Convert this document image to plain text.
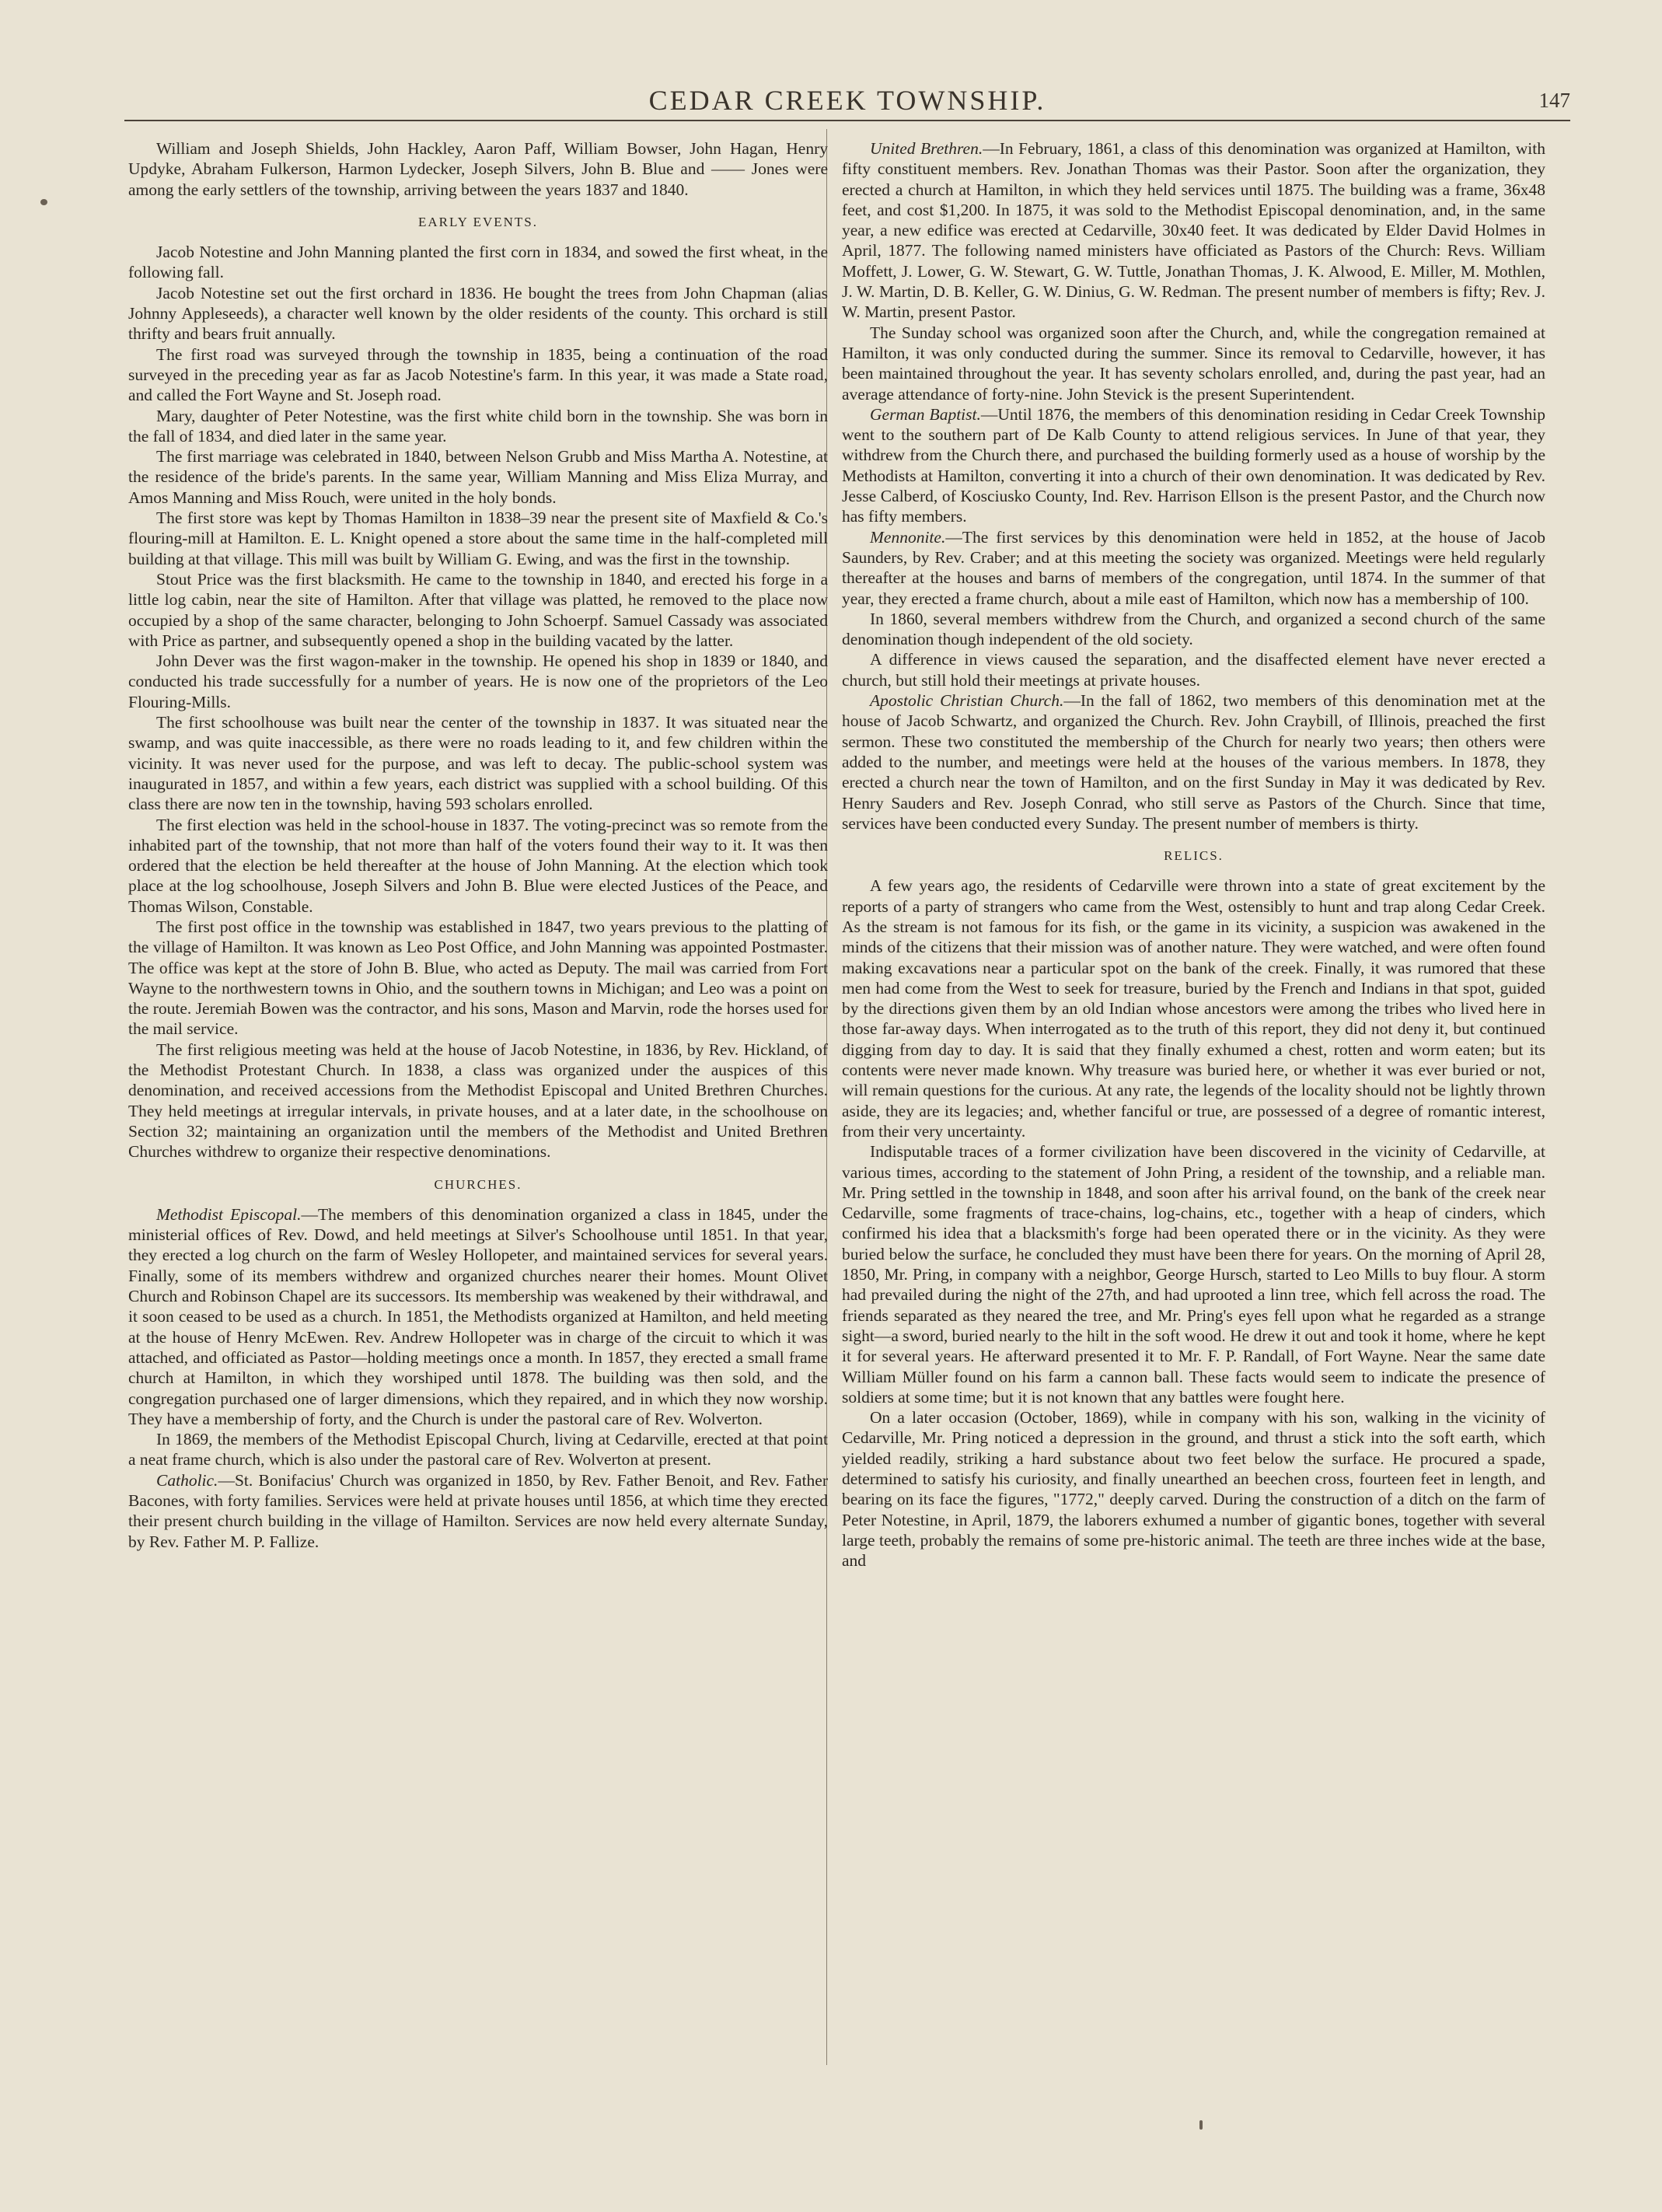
CEDAR CREEK TOWNSHIP.	147

William and Joseph Shields, John Hackley, Aaron Paff, William Bowser, John Hagan, Henry Updyke, Abraham Fulkerson, Harmon Lydecker, Joseph Silvers, John B. Blue and —— Jones were among the early settlers of the township, arriving between the years 1837 and 1840.

EARLY EVENTS.

Jacob Notestine and John Manning planted the first corn in 1834, and sowed the first wheat, in the following fall.

Jacob Notestine set out the first orchard in 1836. He bought the trees from John Chapman (alias Johnny Appleseeds), a character well known by the older residents of the county. This orchard is still thrifty and bears fruit annually.

The first road was surveyed through the township in 1835, being a continuation of the road surveyed in the preceding year as far as Jacob Notestine's farm. In this year, it was made a State road, and called the Fort Wayne and St. Joseph road.

Mary, daughter of Peter Notestine, was the first white child born in the township. She was born in the fall of 1834, and died later in the same year.

The first marriage was celebrated in 1840, between Nelson Grubb and Miss Martha A. Notestine, at the residence of the bride's parents. In the same year, William Manning and Miss Eliza Murray, and Amos Manning and Miss Rouch, were united in the holy bonds.

The first store was kept by Thomas Hamilton in 1838–39 near the present site of Maxfield & Co.'s flouring-mill at Hamilton. E. L. Knight opened a store about the same time in the half-completed mill building at that village. This mill was built by William G. Ewing, and was the first in the township.

Stout Price was the first blacksmith. He came to the township in 1840, and erected his forge in a little log cabin, near the site of Hamilton. After that village was platted, he removed to the place now occupied by a shop of the same character, belonging to John Schoerpf. Samuel Cassady was associated with Price as partner, and subsequently opened a shop in the building vacated by the latter.

John Dever was the first wagon-maker in the township. He opened his shop in 1839 or 1840, and conducted his trade successfully for a number of years. He is now one of the proprietors of the Leo Flouring-Mills.

The first schoolhouse was built near the center of the township in 1837. It was situated near the swamp, and was quite inaccessible, as there were no roads leading to it, and few children within the vicinity. It was never used for the purpose, and was left to decay. The public-school system was inaugurated in 1857, and within a few years, each district was supplied with a school building. Of this class there are now ten in the township, having 593 scholars enrolled.

The first election was held in the school-house in 1837. The voting-precinct was so remote from the inhabited part of the township, that not more than half of the voters found their way to it. It was then ordered that the election be held thereafter at the house of John Manning. At the election which took place at the log schoolhouse, Joseph Silvers and John B. Blue were elected Justices of the Peace, and Thomas Wilson, Constable.

The first post office in the township was established in 1847, two years previous to the platting of the village of Hamilton. It was known as Leo Post Office, and John Manning was appointed Postmaster. The office was kept at the store of John B. Blue, who acted as Deputy. The mail was carried from Fort Wayne to the northwestern towns in Ohio, and the southern towns in Michigan; and Leo was a point on the route. Jeremiah Bowen was the contractor, and his sons, Mason and Marvin, rode the horses used for the mail service.

The first religious meeting was held at the house of Jacob Notestine, in 1836, by Rev. Hickland, of the Methodist Protestant Church. In 1838, a class was organized under the auspices of this denomination, and received accessions from the Methodist Episcopal and United Brethren Churches. They held meetings at irregular intervals, in private houses, and at a later date, in the schoolhouse on Section 32; maintaining an organization until the members of the Methodist and United Brethren Churches withdrew to organize their respective denominations.

CHURCHES.

Methodist Episcopal.—The members of this denomination organized a class in 1845, under the ministerial offices of Rev. Dowd, and held meetings at Silver's Schoolhouse until 1851. In that year, they erected a log church on the farm of Wesley Hollopeter, and maintained services for several years. Finally, some of its members withdrew and organized churches nearer their homes. Mount Olivet Church and Robinson Chapel are its successors. Its membership was weakened by their withdrawal, and it soon ceased to be used as a church. In 1851, the Methodists organized at Hamilton, and held meeting at the house of Henry McEwen. Rev. Andrew Hollopeter was in charge of the circuit to which it was attached, and officiated as Pastor—holding meetings once a month. In 1857, they erected a small frame church at Hamilton, in which they worshiped until 1878. The building was then sold, and the congregation purchased one of larger dimensions, which they repaired, and in which they now worship. They have a membership of forty, and the Church is under the pastoral care of Rev. Wolverton.

In 1869, the members of the Methodist Episcopal Church, living at Cedarville, erected at that point a neat frame church, which is also under the pastoral care of Rev. Wolverton at present.

Catholic.—St. Bonifacius' Church was organized in 1850, by Rev. Father Benoit, and Rev. Father Bacones, with forty families. Services were held at private houses until 1856, at which time they erected their present church building in the village of Hamilton. Services are now held every alternate Sunday, by Rev. Father M. P. Fallize.

United Brethren.—In February, 1861, a class of this denomination was organized at Hamilton, with fifty constituent members. Rev. Jonathan Thomas was their Pastor. Soon after the organization, they erected a church at Hamilton, in which they held services until 1875. The building was a frame, 36x48 feet, and cost $1,200. In 1875, it was sold to the Methodist Episcopal denomination, and, in the same year, a new edifice was erected at Cedarville, 30x40 feet. It was dedicated by Elder David Holmes in April, 1877. The following named ministers have officiated as Pastors of the Church: Revs. William Moffett, J. Lower, G. W. Stewart, G. W. Tuttle, Jonathan Thomas, J. K. Alwood, E. Miller, M. Mothlen, J. W. Martin, D. B. Keller, G. W. Dinius, G. W. Redman. The present number of members is fifty; Rev. J. W. Martin, present Pastor.

The Sunday school was organized soon after the Church, and, while the congregation remained at Hamilton, it was only conducted during the summer. Since its removal to Cedarville, however, it has been maintained throughout the year. It has seventy scholars enrolled, and, during the past year, had an average attendance of forty-nine. John Stevick is the present Superintendent.

German Baptist.—Until 1876, the members of this denomination residing in Cedar Creek Township went to the southern part of De Kalb County to attend religious services. In June of that year, they withdrew from the Church there, and purchased the building formerly used as a house of worship by the Methodists at Hamilton, converting it into a church of their own denomination. It was dedicated by Rev. Jesse Calberd, of Kosciusko County, Ind. Rev. Harrison Ellson is the present Pastor, and the Church now has fifty members.

Mennonite.—The first services by this denomination were held in 1852, at the house of Jacob Saunders, by Rev. Craber; and at this meeting the society was organized. Meetings were held regularly thereafter at the houses and barns of members of the congregation, until 1874. In the summer of that year, they erected a frame church, about a mile east of Hamilton, which now has a membership of 100.

In 1860, several members withdrew from the Church, and organized a second church of the same denomination though independent of the old society.

A difference in views caused the separation, and the disaffected element have never erected a church, but still hold their meetings at private houses.

Apostolic Christian Church.—In the fall of 1862, two members of this denomination met at the house of Jacob Schwartz, and organized the Church. Rev. John Craybill, of Illinois, preached the first sermon. These two constituted the membership of the Church for nearly two years; then others were added to the number, and meetings were held at the houses of the various members. In 1878, they erected a church near the town of Hamilton, and on the first Sunday in May it was dedicated by Rev. Henry Sauders and Rev. Joseph Conrad, who still serve as Pastors of the Church. Since that time, services have been conducted every Sunday. The present number of members is thirty.

RELICS.

A few years ago, the residents of Cedarville were thrown into a state of great excitement by the reports of a party of strangers who came from the West, ostensibly to hunt and trap along Cedar Creek. As the stream is not famous for its fish, or the game in its vicinity, a suspicion was awakened in the minds of the citizens that their mission was of another nature. They were watched, and were often found making excavations near a particular spot on the bank of the creek. Finally, it was rumored that these men had come from the West to seek for treasure, buried by the French and Indians in that spot, guided by the directions given them by an old Indian whose ancestors were among the tribes who lived here in those far-away days. When interrogated as to the truth of this report, they did not deny it, but continued digging from day to day. It is said that they finally exhumed a chest, rotten and worm eaten; but its contents were never made known. Why treasure was buried here, or whether it was ever buried or not, will remain questions for the curious. At any rate, the legends of the locality should not be lightly thrown aside, they are its legacies; and, whether fanciful or true, are possessed of a degree of romantic interest, from their very uncertainty.

Indisputable traces of a former civilization have been discovered in the vicinity of Cedarville, at various times, according to the statement of John Pring, a resident of the township, and a reliable man. Mr. Pring settled in the township in 1848, and soon after his arrival found, on the bank of the creek near Cedarville, some fragments of trace-chains, log-chains, etc., together with a heap of cinders, which confirmed his idea that a blacksmith's forge had been operated there or in the vicinity. As they were buried below the surface, he concluded they must have been there for years. On the morning of April 28, 1850, Mr. Pring, in company with a neighbor, George Hursch, started to Leo Mills to buy flour. A storm had prevailed during the night of the 27th, and had uprooted a linn tree, which fell across the road. The friends separated as they neared the tree, and Mr. Pring's eyes fell upon what he regarded as a strange sight—a sword, buried nearly to the hilt in the soft wood. He drew it out and took it home, where he kept it for several years. He afterward presented it to Mr. F. P. Randall, of Fort Wayne. Near the same date William Müller found on his farm a cannon ball. These facts would seem to indicate the presence of soldiers at some time; but it is not known that any battles were fought here.

On a later occasion (October, 1869), while in company with his son, walking in the vicinity of Cedarville, Mr. Pring noticed a depression in the ground, and thrust a stick into the soft earth, which yielded readily, striking a hard substance about two feet below the surface. He procured a spade, determined to satisfy his curiosity, and finally unearthed an beechen cross, fourteen feet in length, and bearing on its face the figures, "1772," deeply carved. During the construction of a ditch on the farm of Peter Notestine, in April, 1879, the laborers exhumed a number of gigantic bones, together with several large teeth, probably the remains of some pre-historic animal. The teeth are three inches wide at the base, and
